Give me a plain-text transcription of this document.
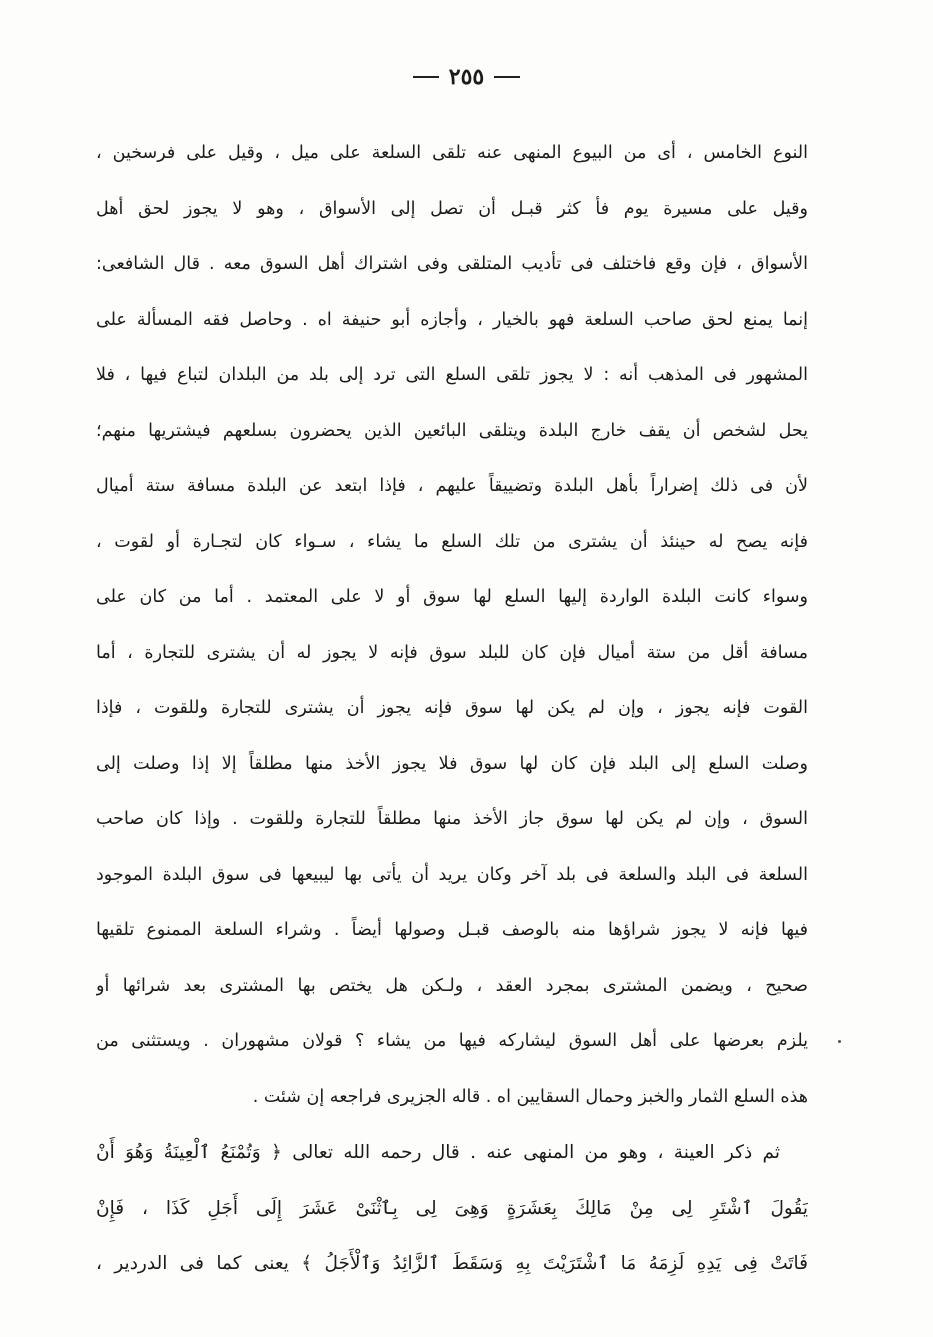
٢٥٥
النوع الخامس ، أى من البيوع المنهى عنه تلقى السلعة على ميل ، وقيل على فرسخين ،
وقيل على مسيرة يوم فأ كثر قبـل أن تصل إلى الأسواق ، وهو لا يجوز لحق أهل
الأسواق ، فإن وقع فاختلف فى تأديب المتلقى وفى اشتراك أهل السوق معه . قال الشافعى:
إنما يمنع لحق صاحب السلعة فهو بالخيار ، وأجازه أبو حنيفة اه . وحاصل فقه المسألة على
المشهور فى المذهب أنه : لا يجوز تلقى السلع التى ترد إلى بلد من البلدان لتباع فيها ، فلا
يحل لشخص أن يقف خارج البلدة ويتلقى البائعين الذين يحضرون بسلعهم فيشتريها منهم؛
لأن فى ذلك إضراراً بأهل البلدة وتضييقاً عليهم ، فإذا ابتعد عن البلدة مسافة ستة أميال
فإنه يصح له حينئذ أن يشترى من تلك السلع ما يشاء ، سـواء كان لتجـارة أو لقوت ،
وسواء كانت البلدة الواردة إليها السلع لها سوق أو لا على المعتمد . أما من كان على
مسافة أقل من ستة أميال فإن كان للبلد سوق فإنه لا يجوز له أن يشترى للتجارة ، أما
القوت فإنه يجوز ، وإن لم يكن لها سوق فإنه يجوز أن يشترى للتجارة وللقوت ، فإذا
وصلت السلع إلى البلد فإن كان لها سوق فلا يجوز الأخذ منها مطلقاً إلا إذا وصلت إلى
السوق ، وإن لم يكن لها سوق جاز الأخذ منها مطلقاً للتجارة وللقوت . وإذا كان صاحب
السلعة فى البلد والسلعة فى بلد آخر وكان يريد أن يأتى بها ليبيعها فى سوق البلدة الموجود
فيها فإنه لا يجوز شراؤها منه بالوصف قبـل وصولها أيضاً . وشراء السلعة الممنوع تلقيها
صحيح ، ويضمن المشترى بمجرد العقد ، ولـكن هل يختص بها المشترى بعد شرائها أو
يلزم بعرضها على أهل السوق ليشاركه فيها من يشاء ؟ قولان مشهوران . ويستثنى من
هذه السلع الثمار والخبز وحمال السقايين اه . قاله الجزيرى فراجعه إن شئت .
ثم ذكر العينة ، وهو من المنهى عنه . قال رحمه الله تعالى ﴿ وَتُمْنَعُ ٱلْعِينَةُ وَهُوَ أَنْ
يَقُولَ ٱشْتَرِ لِى مِنْ مَالِكَ بِعَشَرَةٍ وَهِىَ لِى بِٱثْنَىْ عَشَرَ إِلَى أَجَلِ كَذَا ، فَإِنْ
فَاتَتْ فِى يَدِهِ لَزِمَهُ مَا ٱشْتَرَيْتَ بِهِ وَسَقَطَ ٱلزَّائِدُ وَٱلْأَجَلُ ﴾ يعنى كما فى الدردير ،
